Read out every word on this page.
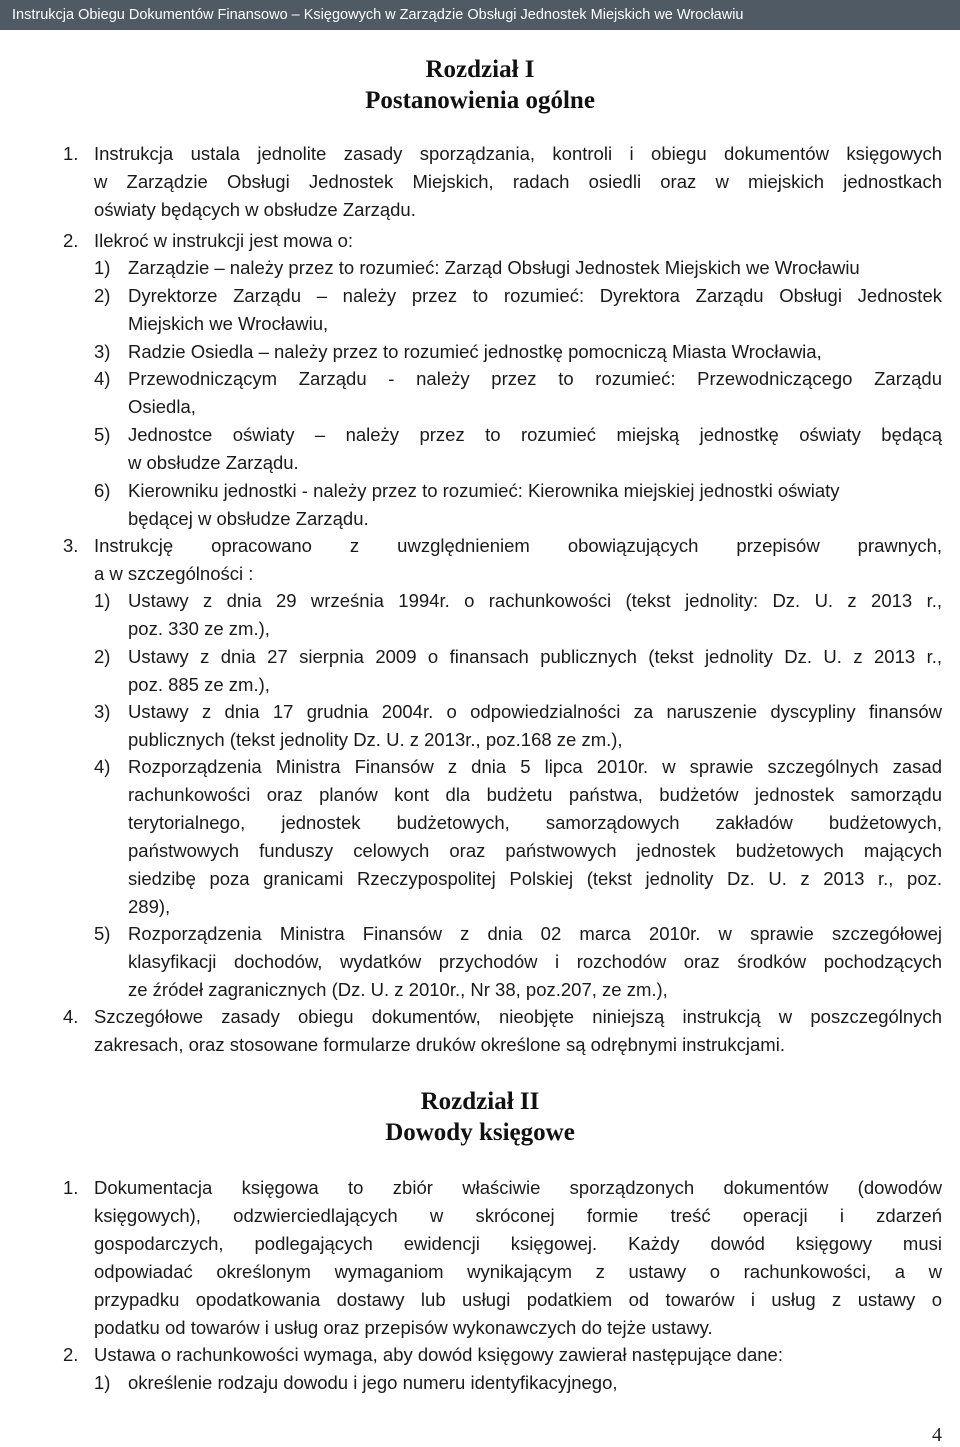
Instrukcja Obiegu Dokumentów Finansowo – Księgowych w Zarządzie Obsługi Jednostek Miejskich we Wrocławiu
Rozdział I
Postanowienia ogólne
1. Instrukcja ustala jednolite zasady sporządzania, kontroli i obiegu dokumentów księgowych
w Zarządzie Obsługi Jednostek Miejskich, radach osiedli oraz w miejskich jednostkach
oświaty będących w obsłudze Zarządu.
2. Ilekroć w instrukcji jest mowa o:
1) Zarządzie – należy przez to rozumieć: Zarząd Obsługi Jednostek Miejskich we Wrocławiu
2) Dyrektorze Zarządu – należy przez to rozumieć: Dyrektora Zarządu Obsługi Jednostek
Miejskich we Wrocławiu,
3) Radzie Osiedla – należy przez to rozumieć jednostkę pomocniczą Miasta Wrocławia,
4) Przewodniczącym Zarządu - należy przez to rozumieć: Przewodniczącego Zarządu
Osiedla,
5) Jednostce oświaty – należy przez to rozumieć miejską jednostkę oświaty będącą
w obsłudze Zarządu.
6) Kierowniku jednostki - należy przez to rozumieć: Kierownika miejskiej jednostki oświaty
będącej w obsłudze Zarządu.
3. Instrukcję opracowano z uwzględnieniem obowiązujących przepisów prawnych,
a w szczególności :
1) Ustawy z dnia 29 września 1994r. o rachunkowości (tekst jednolity: Dz. U. z 2013 r.,
poz. 330 ze zm.),
2) Ustawy z dnia 27 sierpnia 2009 o finansach publicznych (tekst jednolity Dz. U. z 2013 r.,
poz. 885 ze zm.),
3) Ustawy z dnia 17 grudnia 2004r. o odpowiedzialności za naruszenie dyscypliny finansów
publicznych (tekst jednolity Dz. U. z 2013r., poz.168 ze zm.),
4) Rozporządzenia Ministra Finansów z dnia 5 lipca 2010r. w sprawie szczególnych zasad
rachunkowości oraz planów kont dla budżetu państwa, budżetów jednostek samorządu
terytorialnego, jednostek budżetowych, samorządowych zakładów budżetowych,
państwowych funduszy celowych oraz państwowych jednostek budżetowych mających
siedzibę poza granicami Rzeczypospolitej Polskiej (tekst jednolity Dz. U. z 2013 r., poz.
289),
5) Rozporządzenia Ministra Finansów z dnia 02 marca 2010r. w sprawie szczegółowej
klasyfikacji dochodów, wydatków przychodów i rozchodów oraz środków pochodzących
ze źródeł zagranicznych (Dz. U. z 2010r., Nr 38, poz.207, ze zm.),
4. Szczegółowe zasady obiegu dokumentów, nieobjęte niniejszą instrukcją w poszczególnych
zakresach, oraz stosowane formularze druków określone są odrębnymi instrukcjami.
Rozdział II
Dowody księgowe
1. Dokumentacja księgowa to zbiór właściwie sporządzonych dokumentów (dowodów
księgowych), odzwierciedlających w skróconej formie treść operacji i zdarzeń
gospodarczych, podlegających ewidencji księgowej. Każdy dowód księgowy musi
odpowiadać określonym wymaganiom wynikającym z ustawy o rachunkowości, a w
przypadku opodatkowania dostawy lub usługi podatkiem od towarów i usług z ustawy o
podatku od towarów i usług oraz przepisów wykonawczych do tejże ustawy.
2. Ustawa o rachunkowości wymaga, aby dowód księgowy zawierał następujące dane:
1) określenie rodzaju dowodu i jego numeru identyfikacyjnego,
4
